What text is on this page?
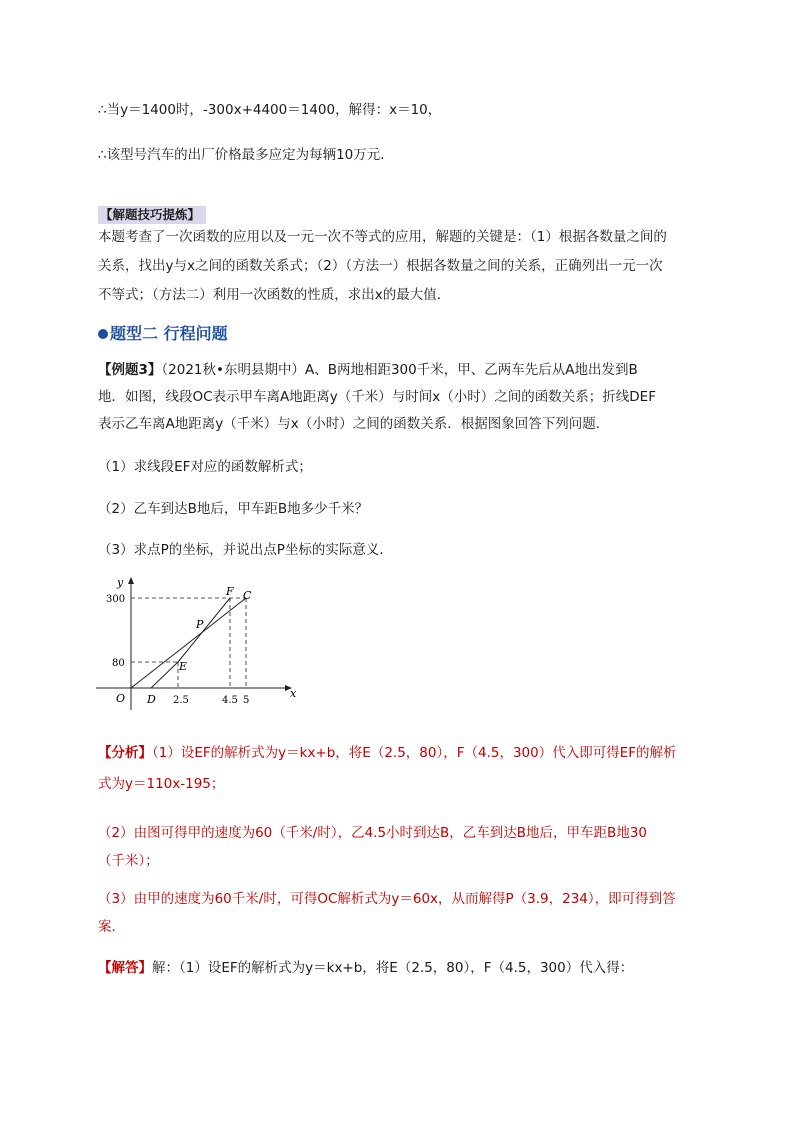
∴当y＝1400时，-300x+4400＝1400，解得：x＝10，
∴该型号汽车的出厂价格最多应定为每辆10万元．
【解题技巧提炼】
本题考查了一次函数的应用以及一元一次不等式的应用，解题的关键是：（1）根据各数量之间的
关系，找出y与x之间的函数关系式；（2）（方法一）根据各数量之间的关系，正确列出一元一次
不等式；（方法二）利用一次函数的性质，求出x的最大值．
题型二 行程问题
【例题3】（2021秋•东明县期中）A、B两地相距300千米，甲、乙两车先后从A地出发到B
地．如图，线段OC表示甲车离A地距离y（千米）与时间x（小时）之间的函数关系；折线DEF
表示乙车离A地距离y（千米）与x（小时）之间的函数关系．根据图象回答下列问题．
（1）求线段EF对应的函数解析式；
（2）乙车到达B地后，甲车距B地多少千米？
（3）求点P的坐标，并说出点P坐标的实际意义．
y
x
O D
E
P
F C
300
80
2.5	4.5 5
【分析】（1）设EF的解析式为y＝kx+b，将E（2.5，80），F（4.5，300）代入即可得EF的解析
式为y＝110x-195；
（2）由图可得甲的速度为60（千米/时），乙4.5小时到达B，乙车到达B地后，甲车距B地30
（千米）；
（3）由甲的速度为60千米/时，可得OC解析式为y＝60x，从而解得P（3.9，234），即可得到答
案．
【解答】解：（1）设EF的解析式为y＝kx+b，将E（2.5，80），F（4.5，300）代入得：
